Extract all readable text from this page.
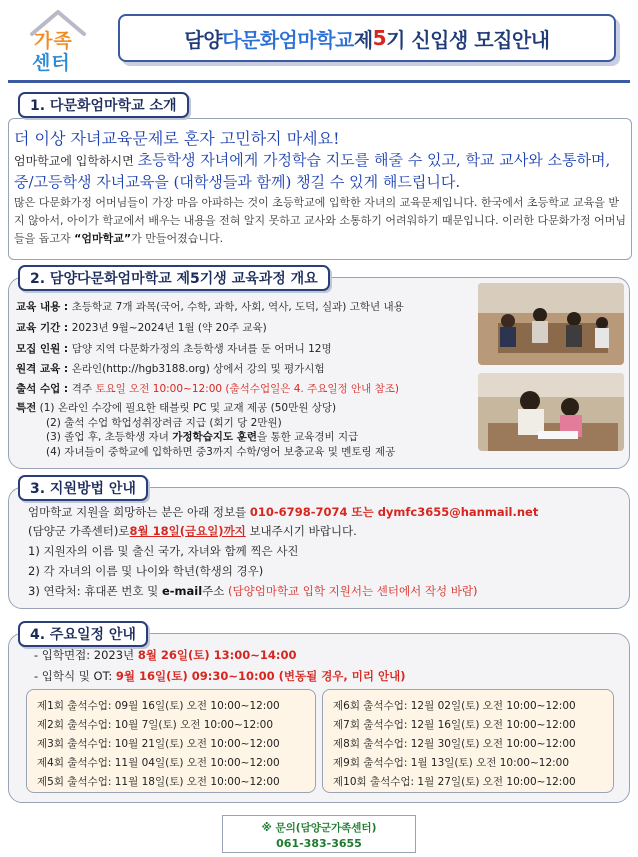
가족
센터
담양 다문화엄마학교 제 5 기 신입생 모집안내
1. 다문화엄마학교 소개
더 이상 자녀교육문제로 혼자 고민하지 마세요!
엄마학교에 입학하시면 초등학생 자녀에게 가정학습 지도를 해줄 수 있고, 학교 교사와 소통하며, 중/고등학생 자녀교육을 (대학생들과 함께) 챙길 수 있게 해드립니다.
많은 다문화가정 어머님들이 가장 마음 아파하는 것이 초등학교에 입학한 자녀의 교육문제입니다. 한국에서 초등학교 교육을 받지 않아서, 아이가 학교에서 배우는 내용을 전혀 알지 못하고 교사와 소통하기 어려워하기 때문입니다. 이러한 다문화가정 어머님들을 돕고자 “엄마학교”가 만들어졌습니다.
2. 담양다문화엄마학교 제5기생 교육과정 개요
교육 내용 : 초등학교 7개 과목(국어, 수학, 과학, 사회, 역사, 도덕, 실과) 고학년 내용
교육 기간 : 2023년 9월~2024년 1월 (약 20주 교육)
모집 인원 : 담양 지역 다문화가정의 초등학생 자녀를 둔 어머니 12명
원격 교육 : 온라인(http://hgb3188.org) 상에서 강의 및 평가시험
출석 수업 : 격주 토요일 오전 10:00~12:00 (출석수업일은 4. 주요일정 안내 참조)
특전 (1) 온라인 수강에 필요한 태블릿 PC 및 교재 제공 (50만원 상당)
(2) 출석 수업 학업성취장려금 지급 (회기 당 2만원)
(3) 졸업 후, 초등학생 자녀 가정학습지도 훈련을 통한 교육경비 지급
(4) 자녀들이 중학교에 입학하면 중3까지 수학/영어 보충교육 및 멘토링 제공
3. 지원방법 안내
엄마학교 지원을 희망하는 분은 아래 정보를 010-6798-7074 또는 dymfc3655@hanmail.net
(담양군 가족센터)로8월 18일(금요일)까지 보내주시기 바랍니다.
1) 지원자의 이름 및 출신 국가, 자녀와 함께 찍은 사진
2) 각 자녀의 이름 및 나이와 학년(학생의 경우)
3) 연락처: 휴대폰 번호 및 e-mail주소 (담양엄마학교 입학 지원서는 센터에서 작성 바람)
4. 주요일정 안내
- 입학면접: 2023년 8월 26일(토) 13:00~14:00
- 입학식 및 OT: 9월 16일(토) 09:30~10:00 (변동될 경우, 미리 안내)
제1회 출석수업: 09월 16일(토) 오전 10:00~12:00
제2회 출석수업: 10월 7일(토) 오전 10:00~12:00
제3회 출석수업: 10월 21일(토) 오전 10:00~12:00
제4회 출석수업: 11월 04일(토) 오전 10:00~12:00
제5회 출석수업: 11월 18일(토) 오전 10:00~12:00
제6회 출석수업: 12월 02일(토) 오전 10:00~12:00
제7회 출석수업: 12월 16일(토) 오전 10:00~12:00
제8회 출석수업: 12월 30일(토) 오전 10:00~12:00
제9회 출석수업: 1월 13일(토) 오전 10:00~12:00
제10회 출석수업: 1월 27일(토) 오전 10:00~12:00
※ 문의(담양군가족센터)
061-383-3655
